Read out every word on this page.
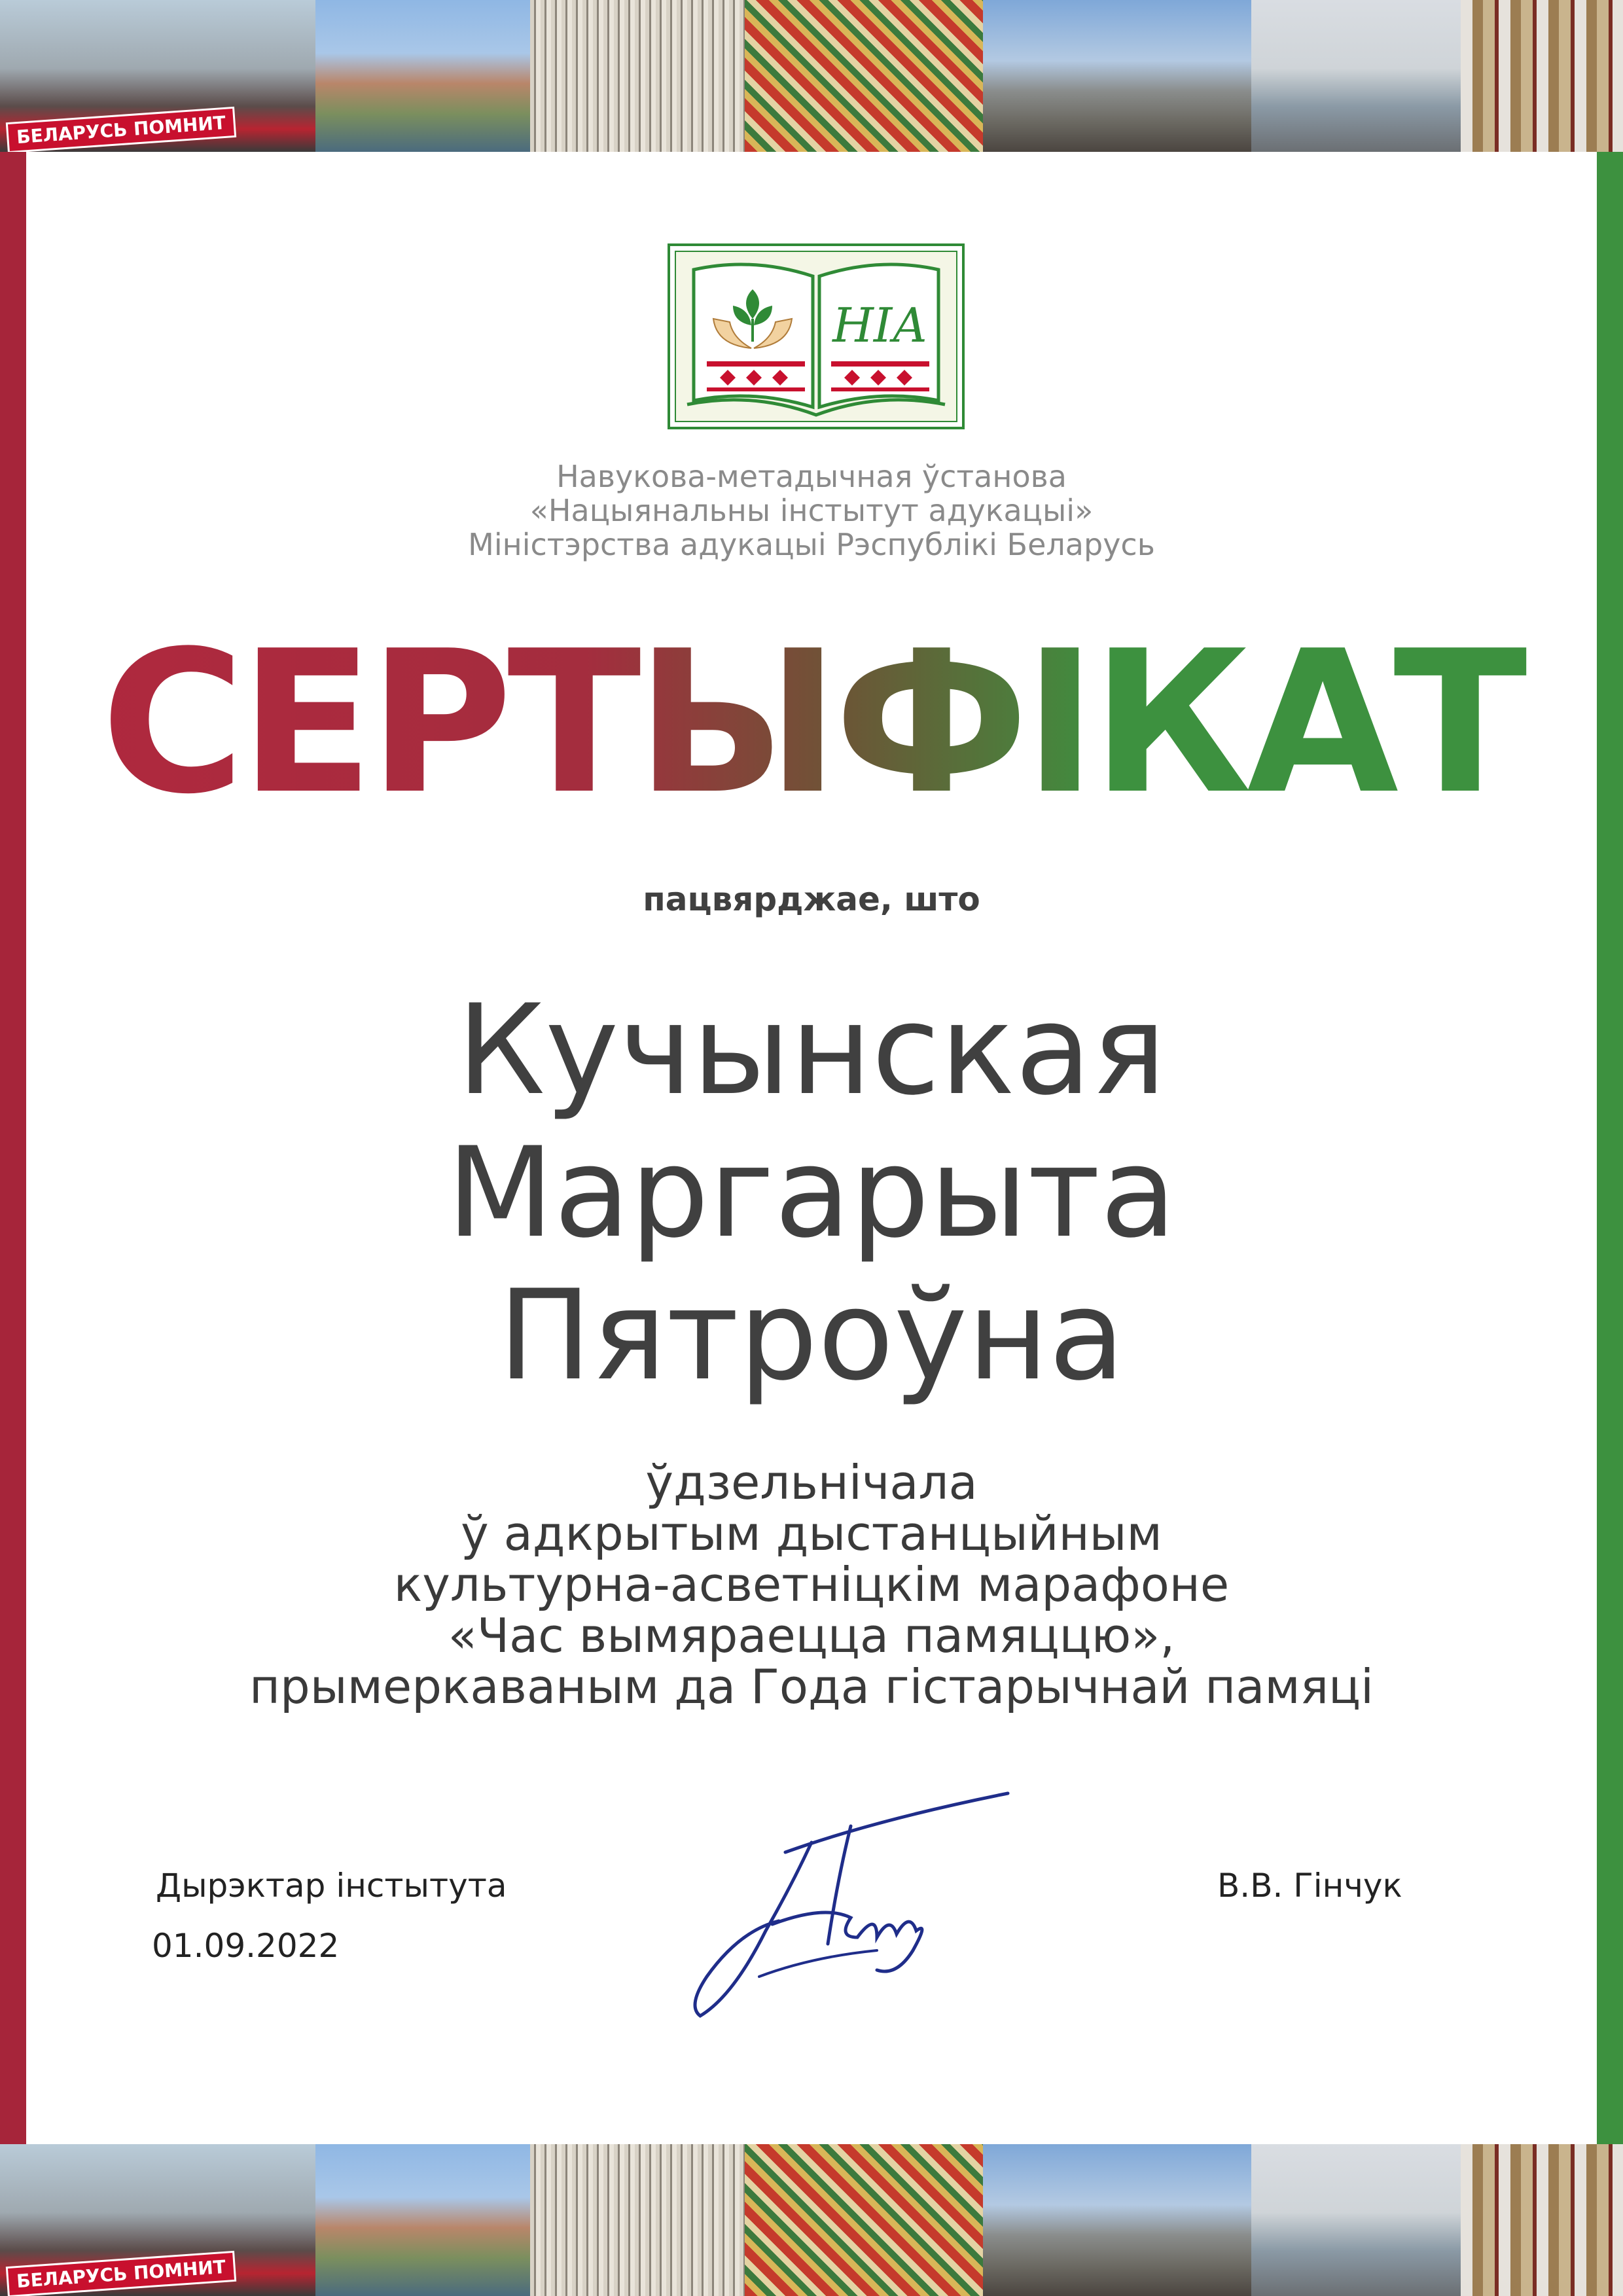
БЕЛАРУСЬ ПОМНИТ
НІА
Навукова-метадычная ўстанова
«Нацыянальны інстытут адукацыі»
Міністэрства адукацыі Рэспублікі Беларусь
СЕРТЫФІКАТ
пацвярджае, што
Кучынская
Маргарыта
Пятроўна
ўдзельнічала
ў адкрытым дыстанцыйным
культурна-асветніцкім марафоне
«Час вымяраецца памяццю»,
прымеркаваным да Года гістарычнай памяці
Дырэктар інстытута
01.09.2022
В.В. Гінчук
БЕЛАРУСЬ ПОМНИТ
